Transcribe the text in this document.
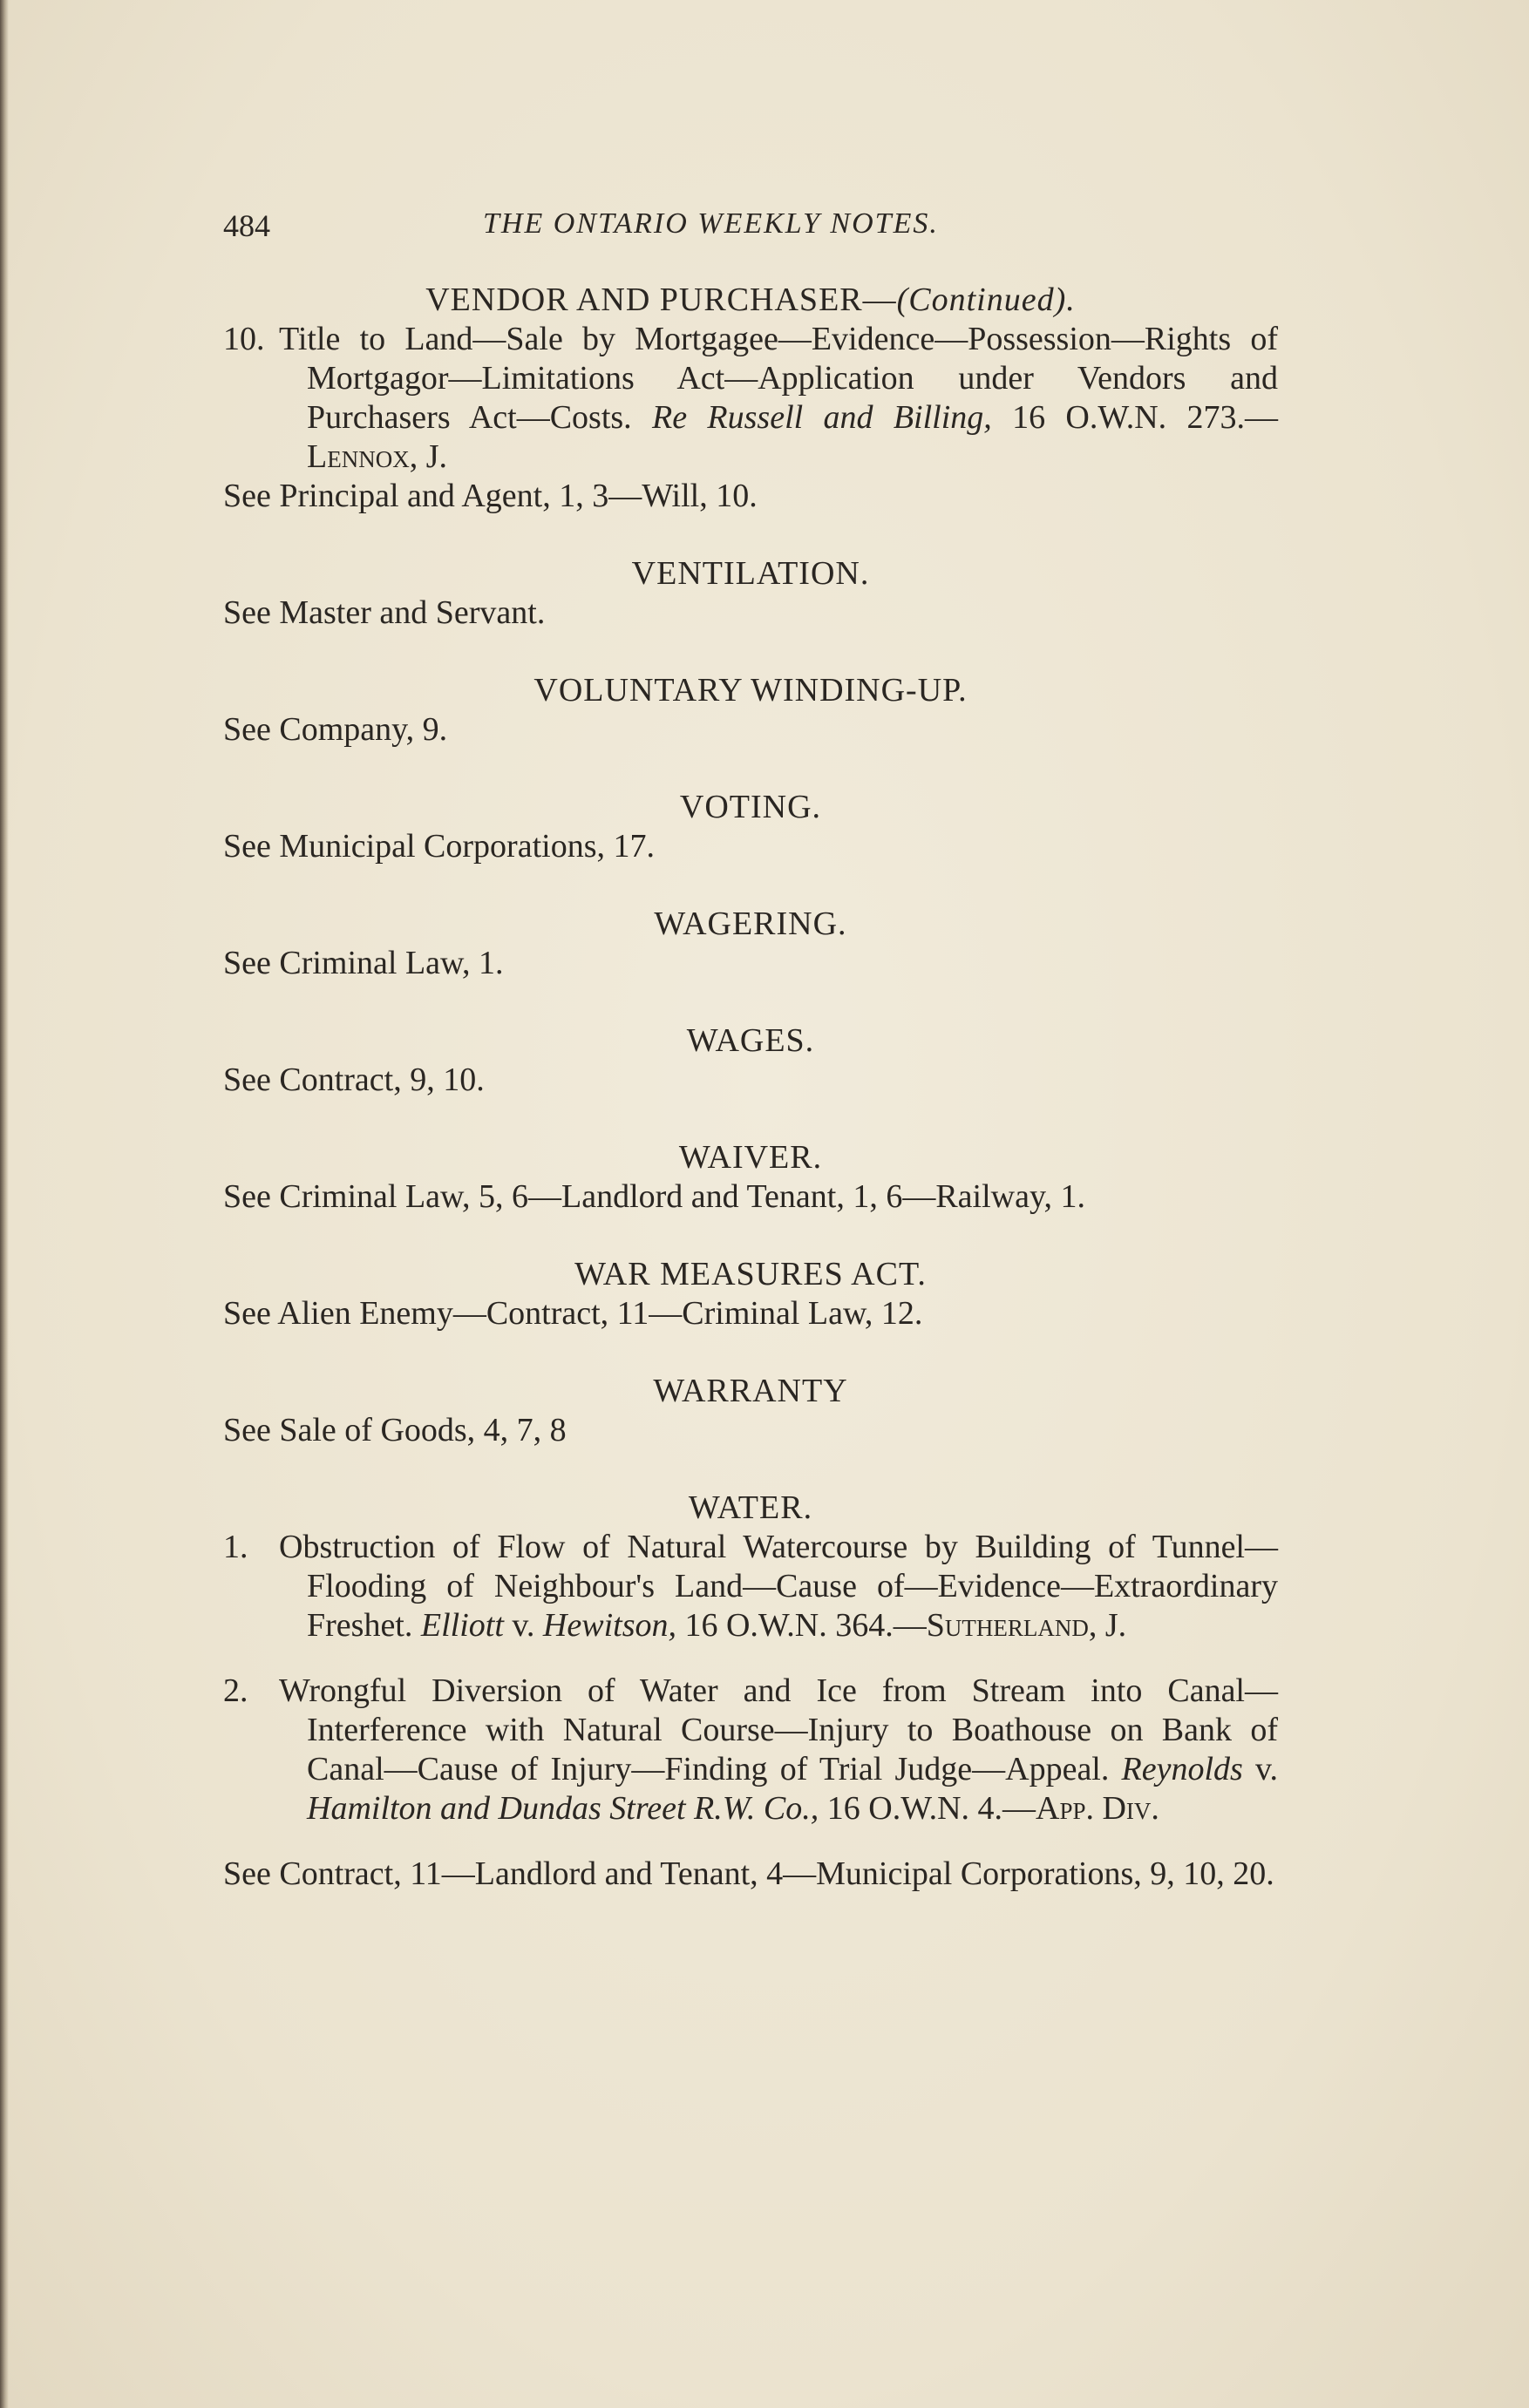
484	THE ONTARIO WEEKLY NOTES.
VENDOR AND PURCHASER—(Continued).
10. Title to Land—Sale by Mortgagee—Evidence—Possession—Rights of Mortgagor—Limitations Act—Application under Vendors and Purchasers Act—Costs. Re Russell and Billing, 16 O.W.N. 273.—Lennox, J.
See Principal and Agent, 1, 3—Will, 10.
VENTILATION.
See Master and Servant.
VOLUNTARY WINDING-UP.
See Company, 9.
VOTING.
See Municipal Corporations, 17.
WAGERING.
See Criminal Law, 1.
WAGES.
See Contract, 9, 10.
WAIVER.
See Criminal Law, 5, 6—Landlord and Tenant, 1, 6—Railway, 1.
WAR MEASURES ACT.
See Alien Enemy—Contract, 11—Criminal Law, 12.
WARRANTY
See Sale of Goods, 4, 7, 8
WATER.
1. Obstruction of Flow of Natural Watercourse by Building of Tunnel—Flooding of Neighbour's Land—Cause of—Evidence—Extraordinary Freshet. Elliott v. Hewitson, 16 O.W.N. 364.—Sutherland, J.
2. Wrongful Diversion of Water and Ice from Stream into Canal—Interference with Natural Course—Injury to Boathouse on Bank of Canal—Cause of Injury—Finding of Trial Judge—Appeal. Reynolds v. Hamilton and Dundas Street R.W. Co., 16 O.W.N. 4.—App. Div.
See Contract, 11—Landlord and Tenant, 4—Municipal Corporations, 9, 10, 20.
